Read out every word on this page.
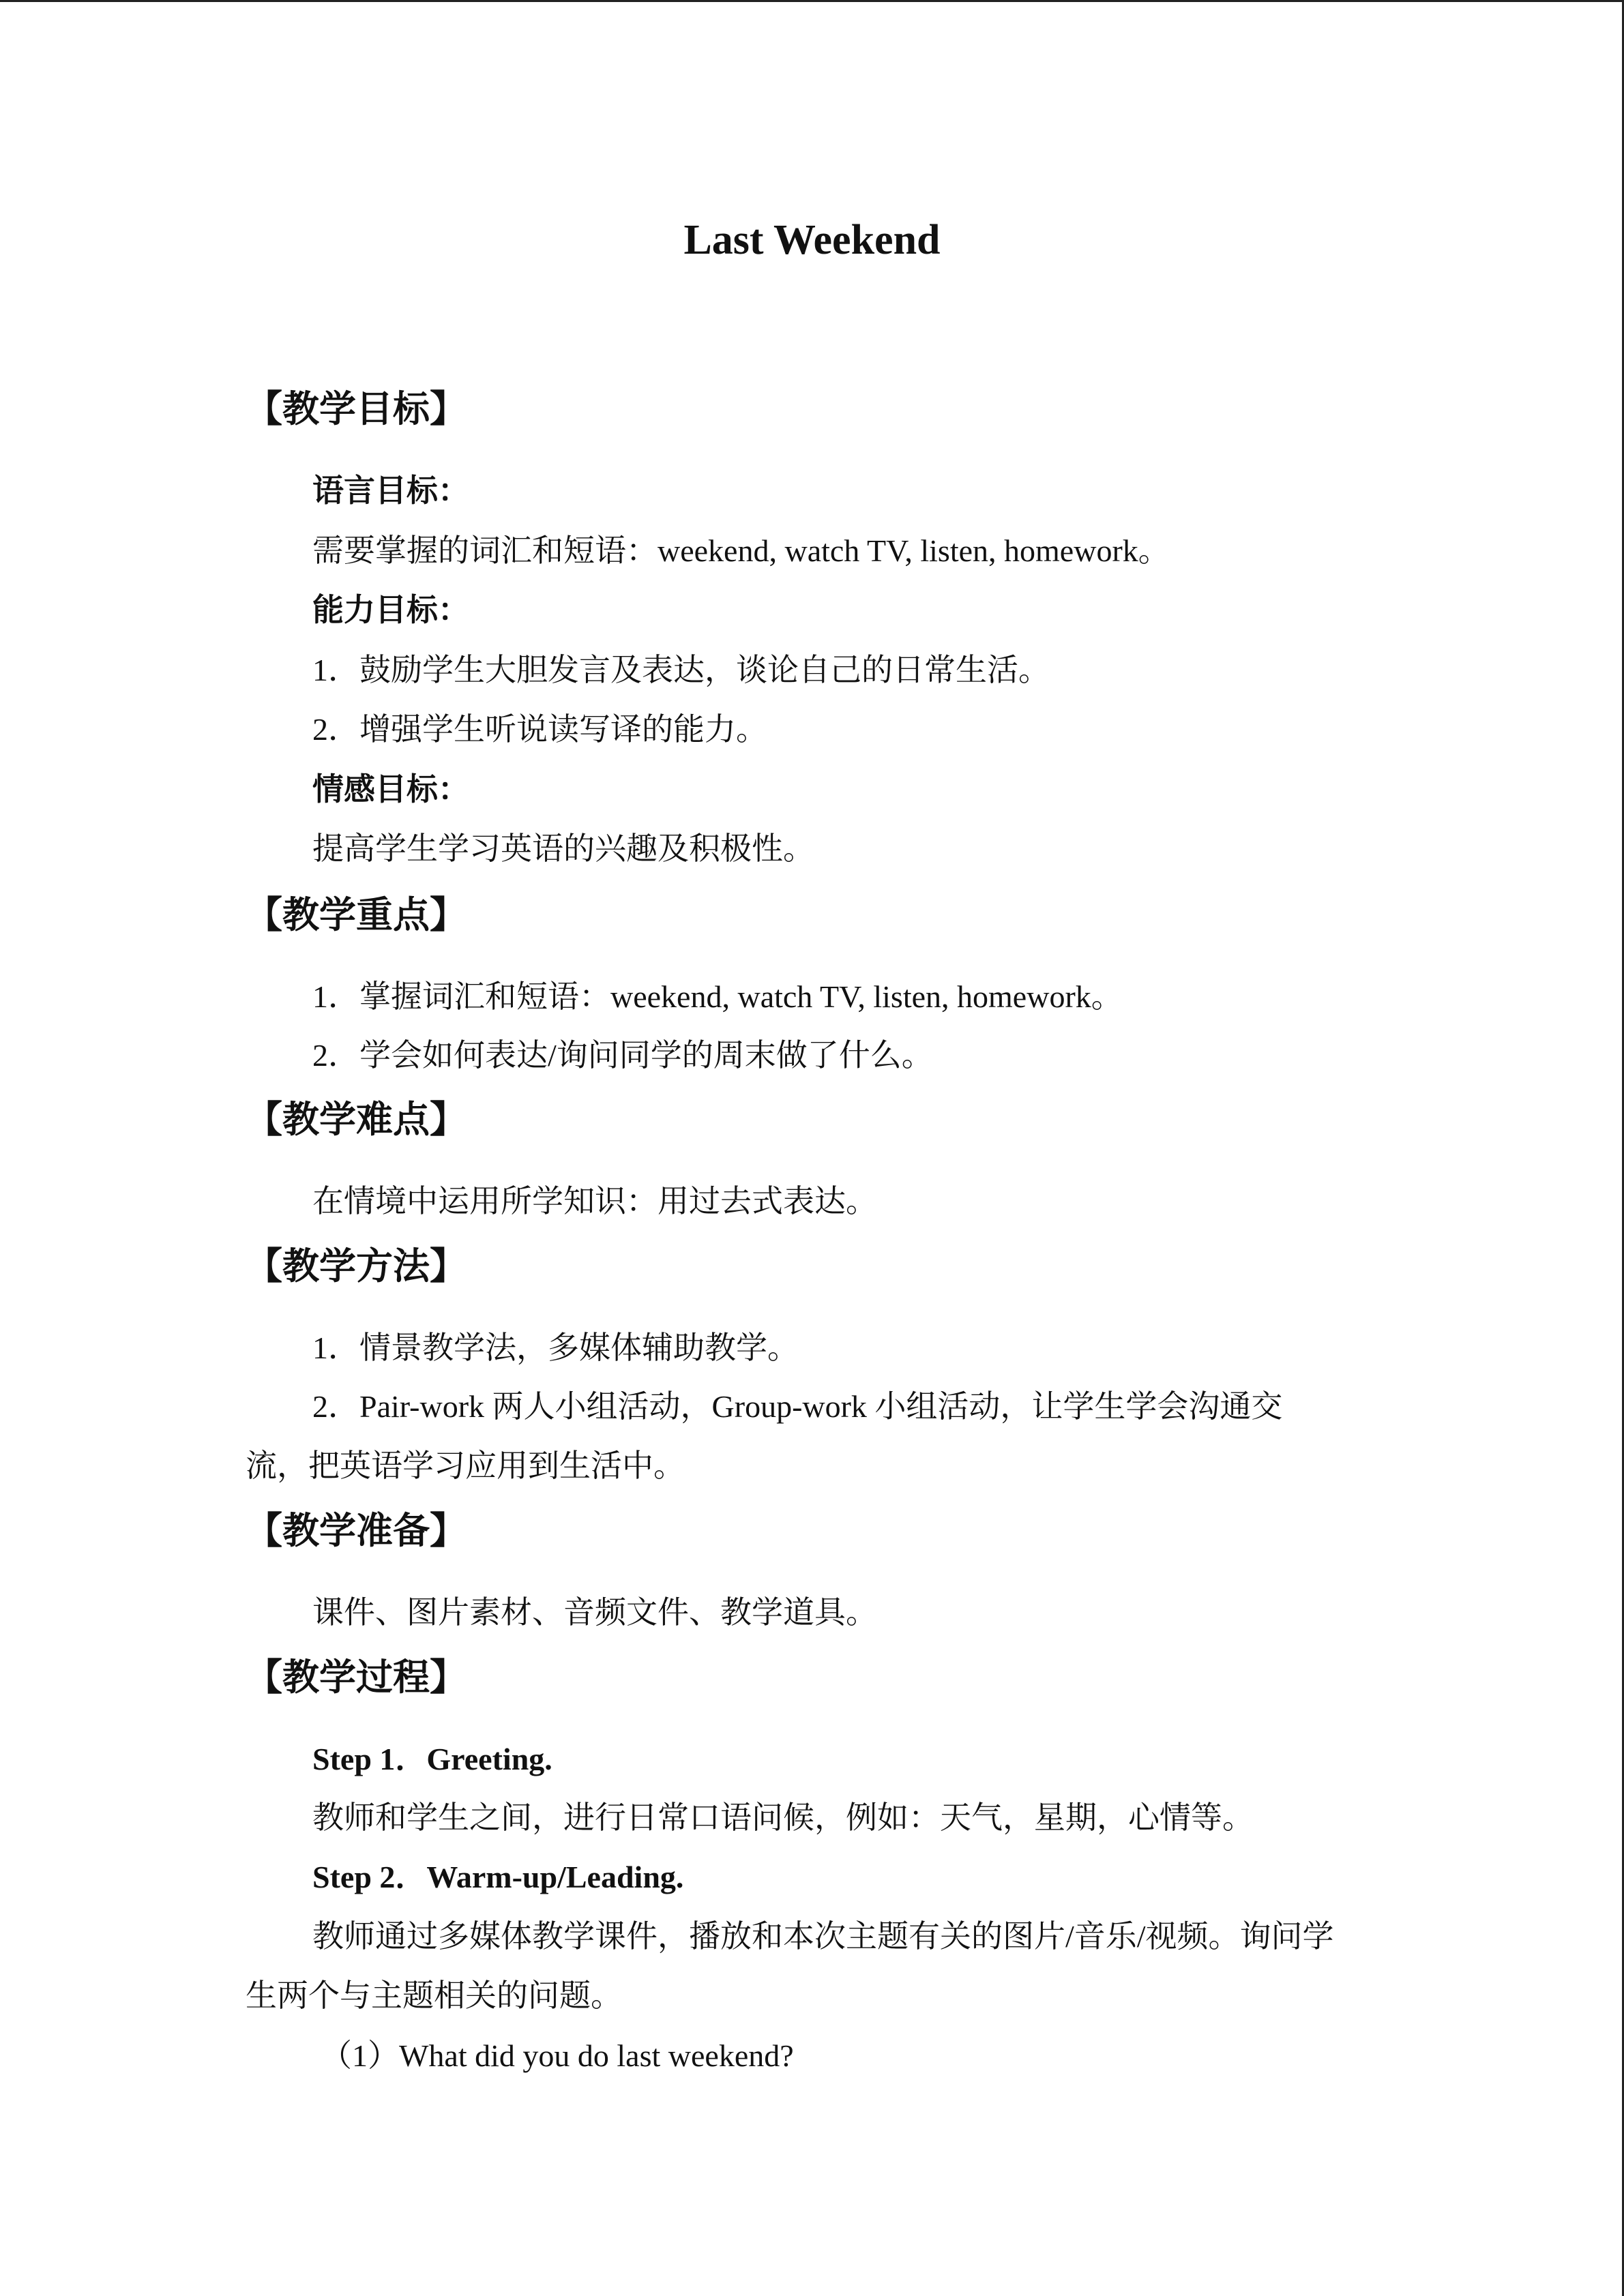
Last Weekend
【教学目标】
语言目标：
需要掌握的词汇和短语：weekend, watch TV, listen, homework。
能力目标：
1．鼓励学生大胆发言及表达，谈论自己的日常生活。
2．增强学生听说读写译的能力。
情感目标：
提高学生学习英语的兴趣及积极性。
【教学重点】
1．掌握词汇和短语：weekend, watch TV, listen, homework。
2．学会如何表达/询问同学的周末做了什么。
【教学难点】
在情境中运用所学知识：用过去式表达。
【教学方法】
1．情景教学法，多媒体辅助教学。
2．Pair-work 两人小组活动，Group-work 小组活动，让学生学会沟通交
流，把英语学习应用到生活中。
【教学准备】
课件、图片素材、音频文件、教学道具。
【教学过程】
Step 1．Greeting.
教师和学生之间，进行日常口语问候，例如：天气，星期，心情等。
Step 2．Warm-up/Leading.
教师通过多媒体教学课件，播放和本次主题有关的图片/音乐/视频。询问学
生两个与主题相关的问题。
（1）What did you do last weekend?
